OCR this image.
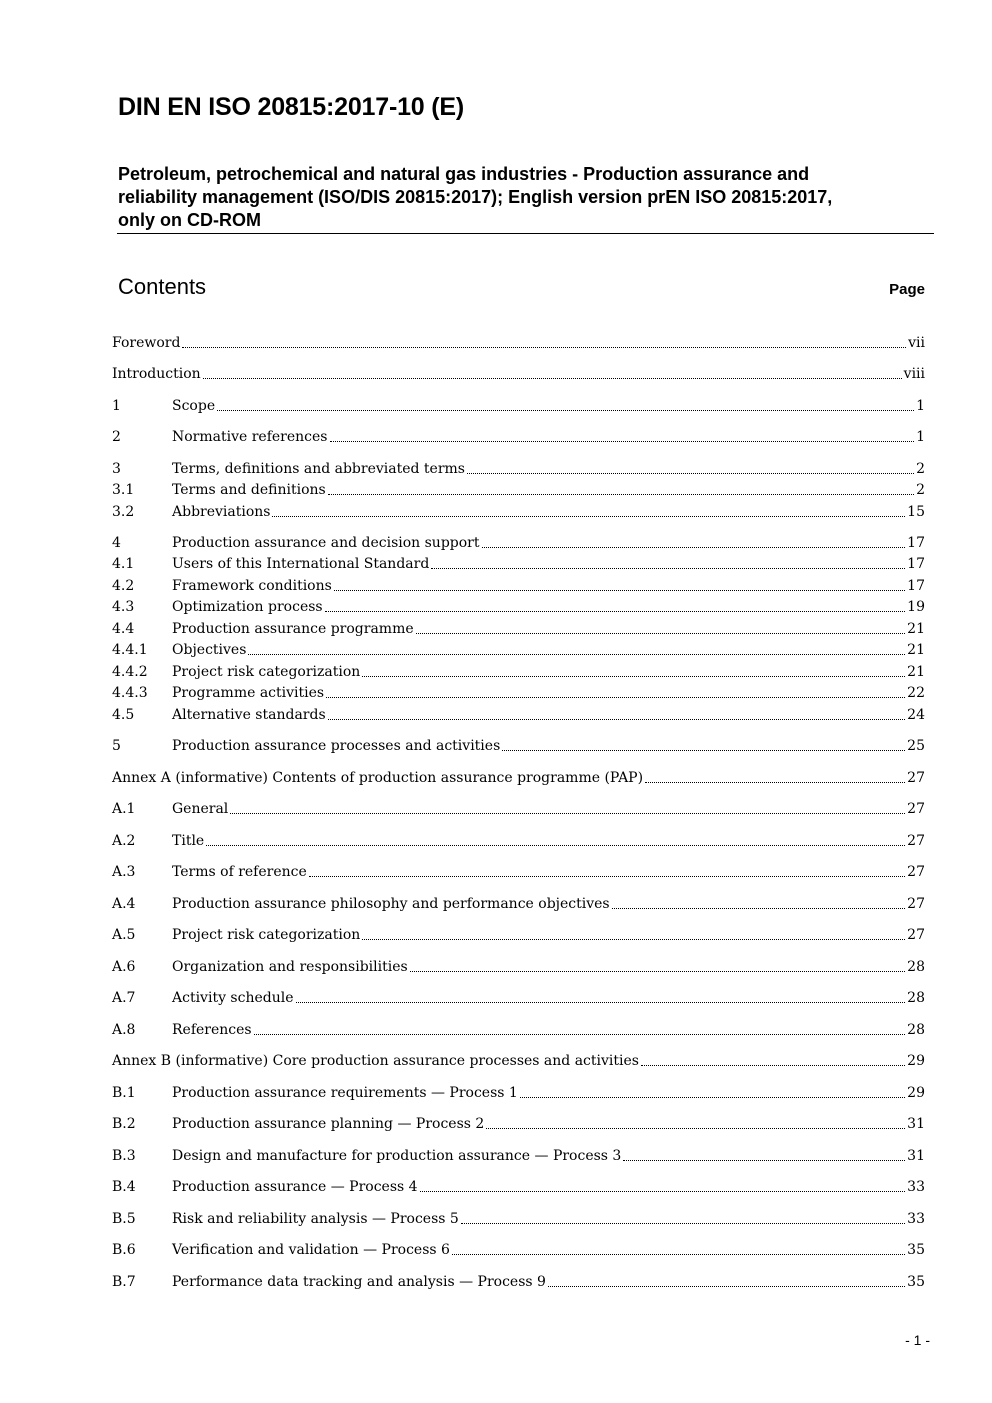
DIN EN ISO 20815:2017-10 (E)
Petroleum, petrochemical and natural gas industries - Production assurance and
reliability management (ISO/DIS 20815:2017); English version prEN ISO 20815:2017,
only on CD-ROM
Contents	Page
Foreword	vii
Introduction	viii
1	Scope	1
2	Normative references	1
3	Terms, definitions and abbreviated terms	2
3.1	Terms and definitions	2
3.2	Abbreviations	15
4	Production assurance and decision support	17
4.1	Users of this International Standard	17
4.2	Framework conditions	17
4.3	Optimization process	19
4.4	Production assurance programme	21
4.4.1	Objectives	21
4.4.2	Project risk categorization	21
4.4.3	Programme activities	22
4.5	Alternative standards	24
5	Production assurance processes and activities	25
Annex A (informative) Contents of production assurance programme (PAP)	27
A.1	General	27
A.2	Title	27
A.3	Terms of reference	27
A.4	Production assurance philosophy and performance objectives	27
A.5	Project risk categorization	27
A.6	Organization and responsibilities	28
A.7	Activity schedule	28
A.8	References	28
Annex B (informative) Core production assurance processes and activities	29
B.1	Production assurance requirements — Process 1	29
B.2	Production assurance planning — Process 2	31
B.3	Design and manufacture for production assurance — Process 3	31
B.4	Production assurance — Process 4	33
B.5	Risk and reliability analysis — Process 5	33
B.6	Verification and validation — Process 6	35
B.7	Performance data tracking and analysis — Process 9	35
- 1 -
